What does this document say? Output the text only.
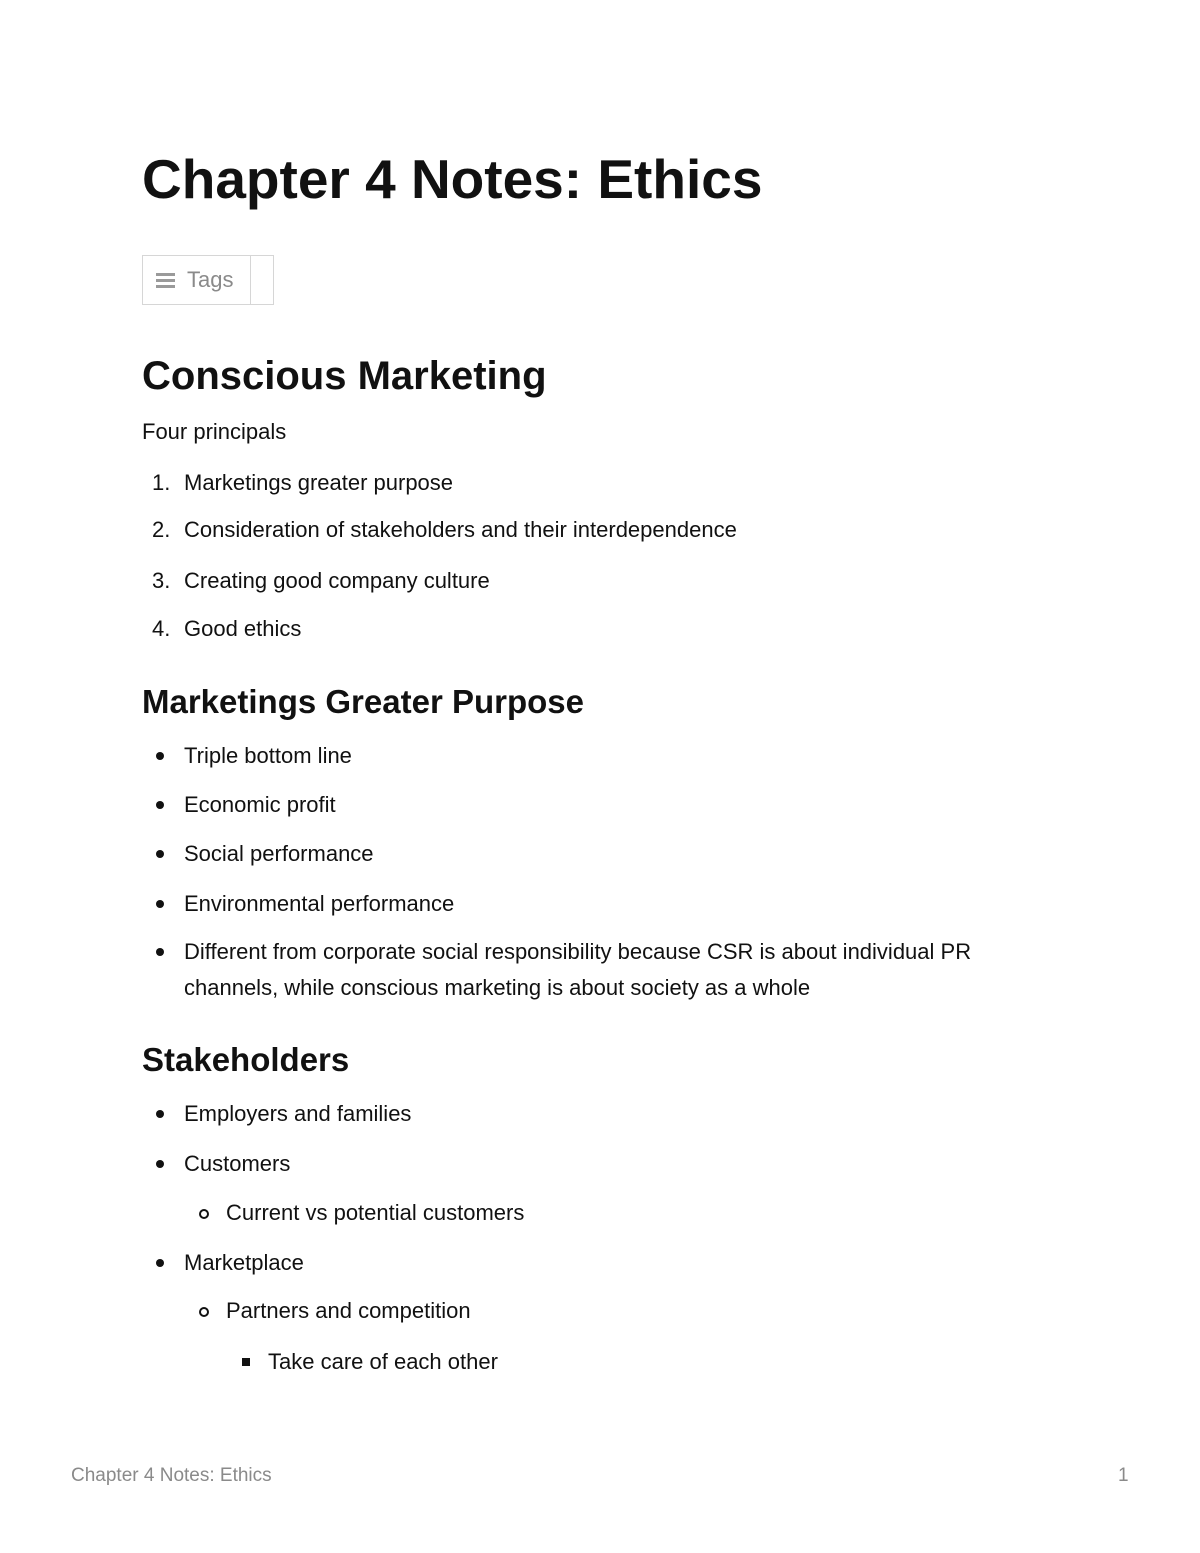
Chapter 4 Notes: Ethics
Tags
Conscious Marketing
Four principals
1. Marketings greater purpose
2. Consideration of stakeholders and their interdependence
3. Creating good company culture
4. Good ethics
Marketings Greater Purpose
Triple bottom line
Economic profit
Social performance
Environmental performance
Different from corporate social responsibility because CSR is about individual PR channels, while conscious marketing is about society as a whole
Stakeholders
Employers and families
Customers
Current vs potential customers
Marketplace
Partners and competition
Take care of each other
Chapter 4 Notes: Ethics	1
